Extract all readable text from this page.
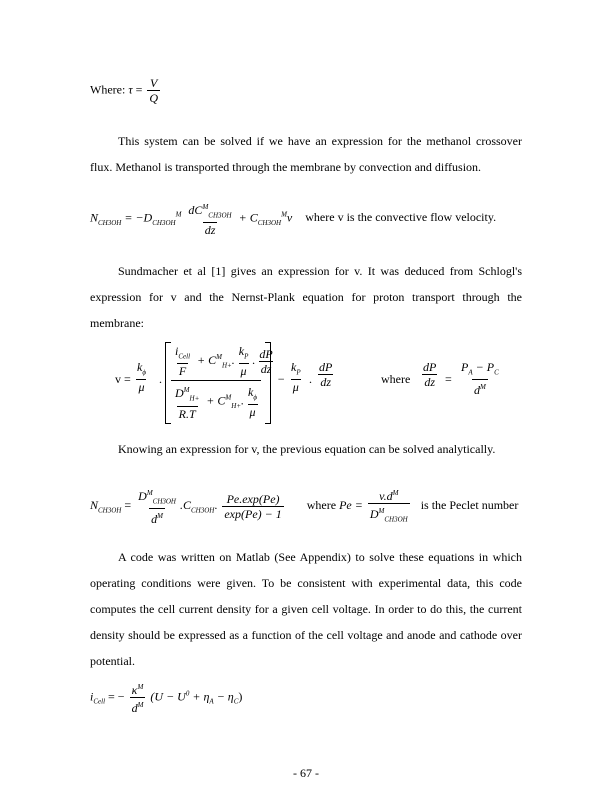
Where: $\tau = \frac{V}{Q}$
This system can be solved if we have an expression for the methanol crossover flux. Methanol is transported through the membrane by convection and diffusion.
$N_{CH3OH} = -D_{CH3OH}^M \frac{dC^M_{CH3OH}}{dz} + C_{CH3OH}^Mv$ where v is the convective flow velocity.
Sundmacher et al [1] gives an expression for v. It was deduced from Schlogl's expression for v and the Nernst-Plank equation for proton transport through the membrane:
$v = \frac{k_\phi}{\mu}$ .
$\frac{i_{Cell}}{F} + C^M_{H+}$. $\frac{k_P}{\mu}$ . $\frac{dP}{dz}$
$\frac{D^M_{H+}}{R.T} + C^M_{H+}$. $\frac{k_\phi}{\mu}$
− $\frac{k_P}{\mu}$ . $\frac{dP}{dz}$	where $\frac{dP}{dz} = \frac{P_A - P_C}{d^M}$
Knowing an expression for v, the previous equation can be solved analytically.
$N_{CH3OH} = \frac{D^M_{CH3OH}}{d^M} .C_{CH3OH}$. $\frac{Pe.\exp(Pe)}{\exp(Pe) - 1}$ where $Pe = \frac{v.d^M}{D^M_{CH3OH}}$ is the Peclet number
A code was written on Matlab (See Appendix) to solve these equations in which operating conditions were given. To be consistent with experimental data, this code computes the cell current density for a given cell voltage. In order to do this, the current density should be expressed as a function of the cell voltage and anode and cathode over potential.
$i_{Cell}$ = − $\frac{\kappa^M}{d^M} (U - U^0 + \eta_A - \eta_C)$
- 67 -
